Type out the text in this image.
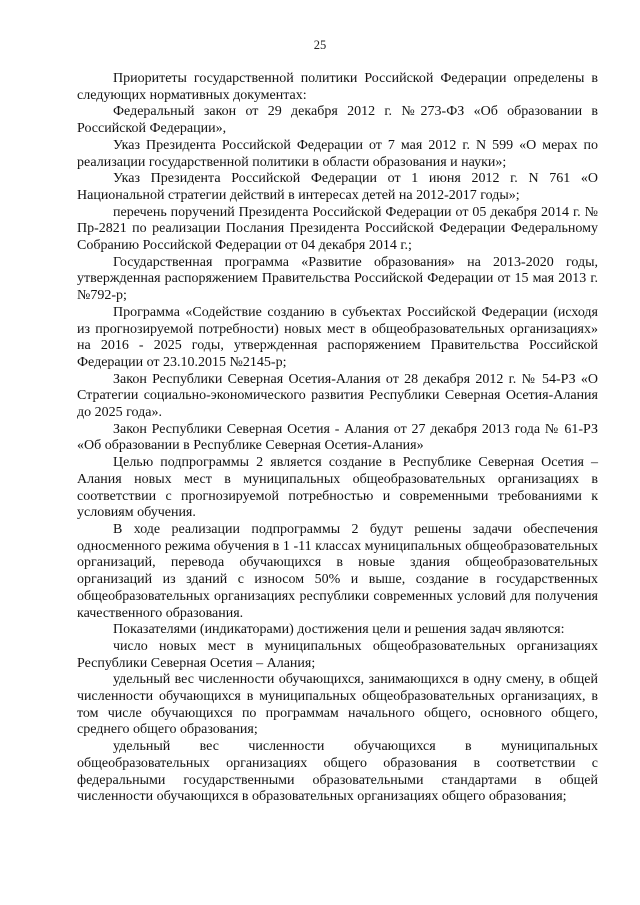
25

Приоритеты государственной политики Российской Федерации определены в следующих нормативных документах:

Федеральный закон от 29 декабря 2012 г. №273-ФЗ «Об образовании в Российской Федерации»,

Указ Президента Российской Федерации от 7 мая 2012 г. N 599 «О мерах по реализации государственной политики в области образования и науки»;

Указ Президента Российской Федерации от 1 июня 2012 г. N 761 «О Национальной стратегии действий в интересах детей на 2012-2017 годы»;

перечень поручений Президента Российской Федерации от 05 декабря 2014 г. № Пр-2821 по реализации Послания Президента Российской Федерации Федеральному Собранию Российской Федерации от 04 декабря 2014 г.;

Государственная программа «Развитие образования» на 2013-2020 годы, утвержденная распоряжением Правительства Российской Федерации от 15 мая 2013 г. №792-р;

Программа «Содействие созданию в субъектах Российской Федерации (исходя из прогнозируемой потребности) новых мест в общеобразовательных организациях» на 2016 - 2025 годы, утвержденная распоряжением Правительства Российской Федерации от 23.10.2015 №2145-р;

Закон Республики Северная Осетия-Алания от 28 декабря 2012 г. № 54-РЗ «О Стратегии социально-экономического развития Республики Северная Осетия-Алания до 2025 года».

Закон Республики Северная Осетия - Алания от 27 декабря 2013 года № 61-РЗ «Об образовании в Республике Северная Осетия-Алания»

Целью подпрограммы 2 является создание в Республике Северная Осетия – Алания новых мест в муниципальных общеобразовательных организациях в соответствии с прогнозируемой потребностью и современными требованиями к условиям обучения.

В ходе реализации подпрограммы 2 будут решены задачи обеспечения односменного режима обучения в 1 -11 классах муниципальных общеобразовательных организаций, перевода обучающихся в новые здания общеобразовательных организаций из зданий с износом 50% и выше, создание в государственных общеобразовательных организациях республики современных условий для получения качественного образования.

Показателями (индикаторами) достижения цели и решения задач являются:

число новых мест в муниципальных общеобразовательных организациях Республики Северная Осетия – Алания;

удельный вес численности обучающихся, занимающихся в одну смену, в общей численности обучающихся в муниципальных общеобразовательных организациях, в том числе обучающихся по программам начального общего, основного общего, среднего общего образования;

удельный вес численности обучающихся в муниципальных общеобразовательных организациях общего образования в соответствии с федеральными государственными образовательными стандартами в общей численности обучающихся в образовательных организациях общего образования;
